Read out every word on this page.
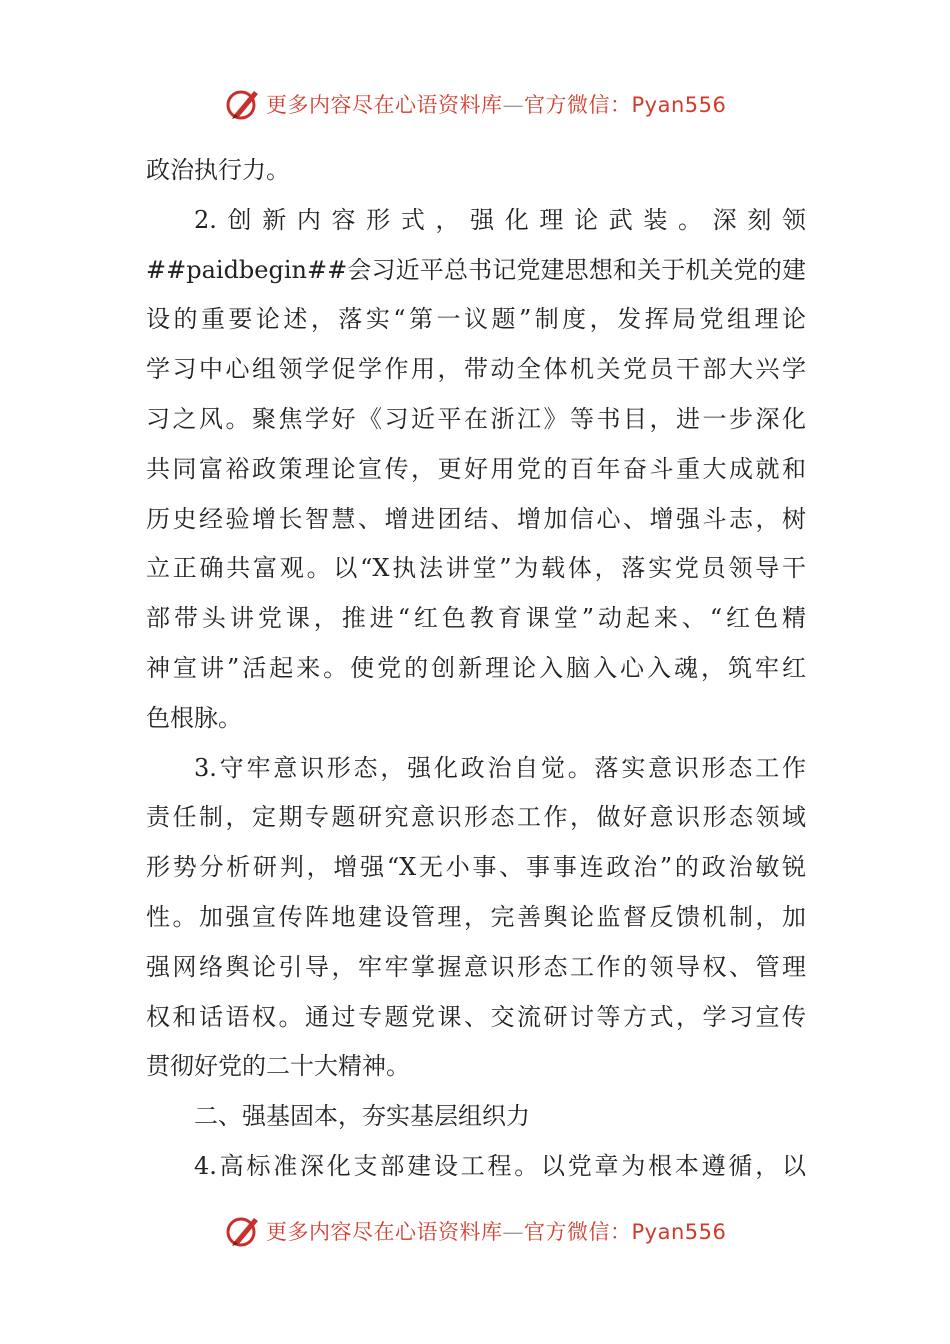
更多内容尽在心语资料库—官方微信：Pyan556
政治执行力。
2.创新内容形式，强化理论武装。深刻领
##paidbegin##会习近平总书记党建思想和关于机关党的建
设的重要论述，落实“第一议题”制度，发挥局党组理论
学习中心组领学促学作用，带动全体机关党员干部大兴学
习之风。聚焦学好《习近平在浙江》等书目，进一步深化
共同富裕政策理论宣传，更好用党的百年奋斗重大成就和
历史经验增长智慧、增进团结、增加信心、增强斗志，树
立正确共富观。以“X执法讲堂”为载体，落实党员领导干
部带头讲党课，推进“红色教育课堂”动起来、“红色精
神宣讲”活起来。使党的创新理论入脑入心入魂，筑牢红
色根脉。
3.守牢意识形态，强化政治自觉。落实意识形态工作
责任制，定期专题研究意识形态工作，做好意识形态领域
形势分析研判，增强“X无小事、事事连政治”的政治敏锐
性。加强宣传阵地建设管理，完善舆论监督反馈机制，加
强网络舆论引导，牢牢掌握意识形态工作的领导权、管理
权和话语权。通过专题党课、交流研讨等方式，学习宣传
贯彻好党的二十大精神。
二、强基固本，夯实基层组织力
4.高标准深化支部建设工程。以党章为根本遵循，以
更多内容尽在心语资料库—官方微信：Pyan556
